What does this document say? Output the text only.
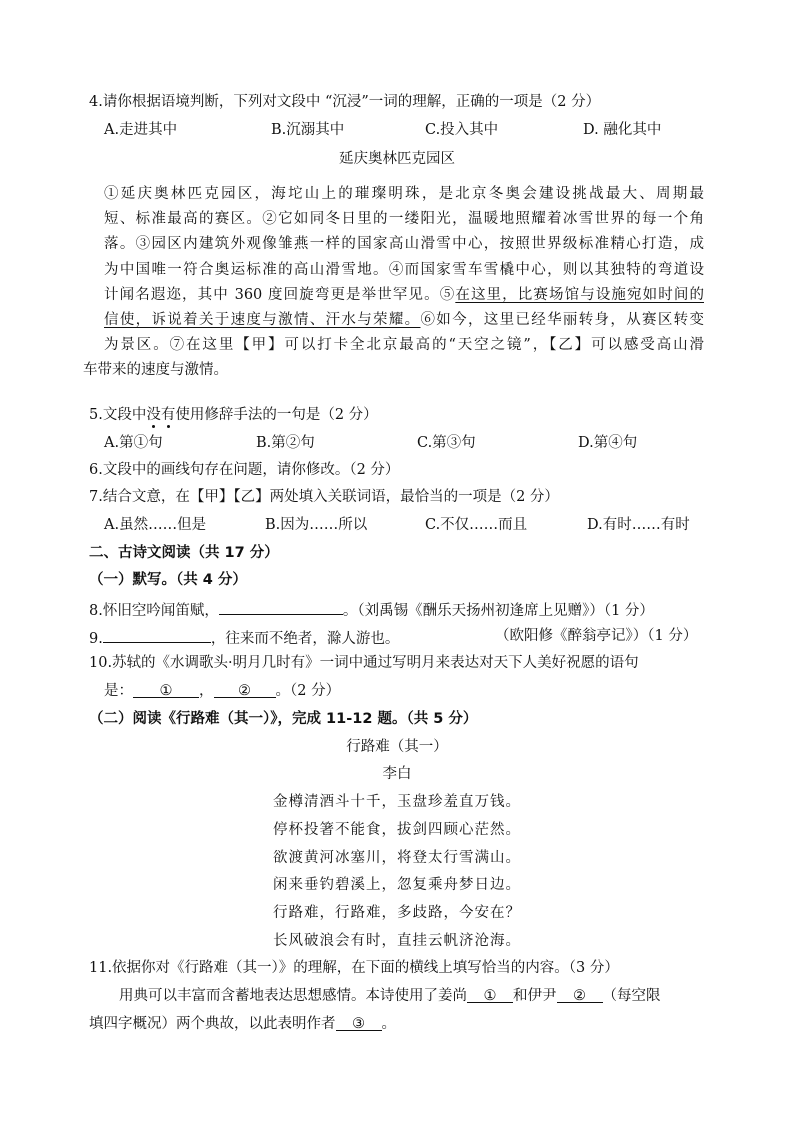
4.请你根据语境判断，下列对文段中 “沉浸”一词的理解，正确的一项是（2 分）
A.走进其中	B.沉溺其中	C.投入其中	D. 融化其中
延庆奥林匹克园区
①延庆奥林匹克园区，海坨山上的璀璨明珠，是北京冬奥会建设挑战最大、周期最
短、标准最高的赛区。②它如同冬日里的一缕阳光，温暖地照耀着冰雪世界的每一个角
落。③园区内建筑外观像雏燕一样的国家高山滑雪中心，按照世界级标准精心打造，成
为中国唯一符合奥运标准的高山滑雪地。④而国家雪车雪橇中心，则以其独特的弯道设
计闻名遐迩，其中 360 度回旋弯更是举世罕见。⑤在这里，比赛场馆与设施宛如时间的
信使，诉说着关于速度与激情、汗水与荣耀。⑥如今，这里已经华丽转身，从赛区转变
为景区。⑦在这里【甲】可以打卡全北京最高的“天空之镜”，【乙】可以感受高山滑
车带来的速度与激情。
5.文段中没有使用修辞手法的一句是（2 分）
A.第①句	B.第②句	C.第③句	D.第④句
6.文段中的画线句存在问题，请你修改。（2 分）
7.结合文意，在【甲】【乙】两处填入关联词语，最恰当的一项是（2 分）
A.虽然……但是	B.因为……所以	C.不仅……而且	D.有时……有时
二、古诗文阅读（共 17 分）
（一）默写。（共 4 分）
8.怀旧空吟闻笛赋，	。（刘禹锡《酬乐天扬州初逢席上见赠》）（1 分）
9.	，往来而不绝者，滁人游也。	（欧阳修《醉翁亭记》）（1 分）
10.苏轼的《水调歌头·明月几时有》一词中通过写明月来表达对天下人美好祝愿的语句
是： ① ， ② 。（2 分）
（二）阅读《行路难（其一）》，完成 11-12 题。（共 5 分）
行路难（其一）
李白
金樽清酒斗十千，玉盘珍羞直万钱。
停杯投箸不能食，拔剑四顾心茫然。
欲渡黄河冰塞川，将登太行雪满山。
闲来垂钓碧溪上，忽复乘舟梦日边。
行路难，行路难，多歧路，今安在？
长风破浪会有时，直挂云帆济沧海。
11.依据你对《行路难（其一）》的理解，在下面的横线上填写恰当的内容。（3 分）
用典可以丰富而含蓄地表达思想感情。本诗使用了姜尚 ① 和伊尹 ② （每空限
填四字概况）两个典故，以此表明作者 ③ 。
